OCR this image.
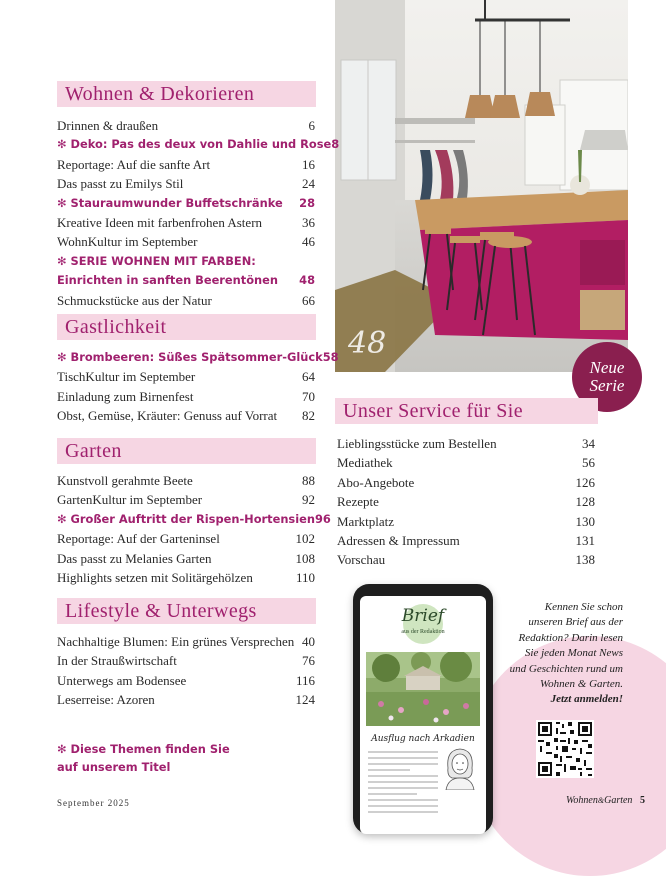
48
Neue
Serie
Wohnen & Dekorieren
Drinnen & draußen	6
✻ Deko: Pas des deux von Dahlie und Rose 8
Reportage: Auf die sanfte Art	16
Das passt zu Emilys Stil	24
✻ Stauraumwunder Buffetschränke 28
Kreative Ideen mit farbenfrohen Astern	36
WohnKultur im September	46
✻ SERIE WOHNEN MIT FARBEN:
Einrichten in sanften Beerentönen 48
Schmuckstücke aus der Natur	66
Gastlichkeit
✻ Brombeeren: Süßes Spätsommer-Glück 58
TischKultur im September	64
Einladung zum Birnenfest	70
Obst, Gemüse, Kräuter: Genuss auf Vorrat 82
Garten
Kunstvoll gerahmte Beete	88
GartenKultur im September	92
✻ Großer Auftritt der Rispen-Hortensien 96
Reportage: Auf der Garteninsel	102
Das passt zu Melanies Garten	108
Highlights setzen mit Solitärgehölzen	110
Lifestyle & Unterwegs
Nachhaltige Blumen: Ein grünes Versprechen 40
In der Straußwirtschaft	76
Unterwegs am Bodensee	116
Leserreise: Azoren	124
✻ Diese Themen finden Sie
auf unserem Titel
Unser Service für Sie
Lieblingsstücke zum Bestellen	34
Mediathek	56
Abo-Angebote	126
Rezepte	128
Marktplatz	130
Adressen & Impressum	131
Vorschau	138
Brief
aus der Redaktion
Ausflug nach Arkadien
Kennen Sie schon unseren Brief aus der Redaktion? Darin lesen Sie jeden Monat News und Geschichten rund um Wohnen & Garten.
Jetzt anmelden!
September 2025	Wohnen&Garten 5
